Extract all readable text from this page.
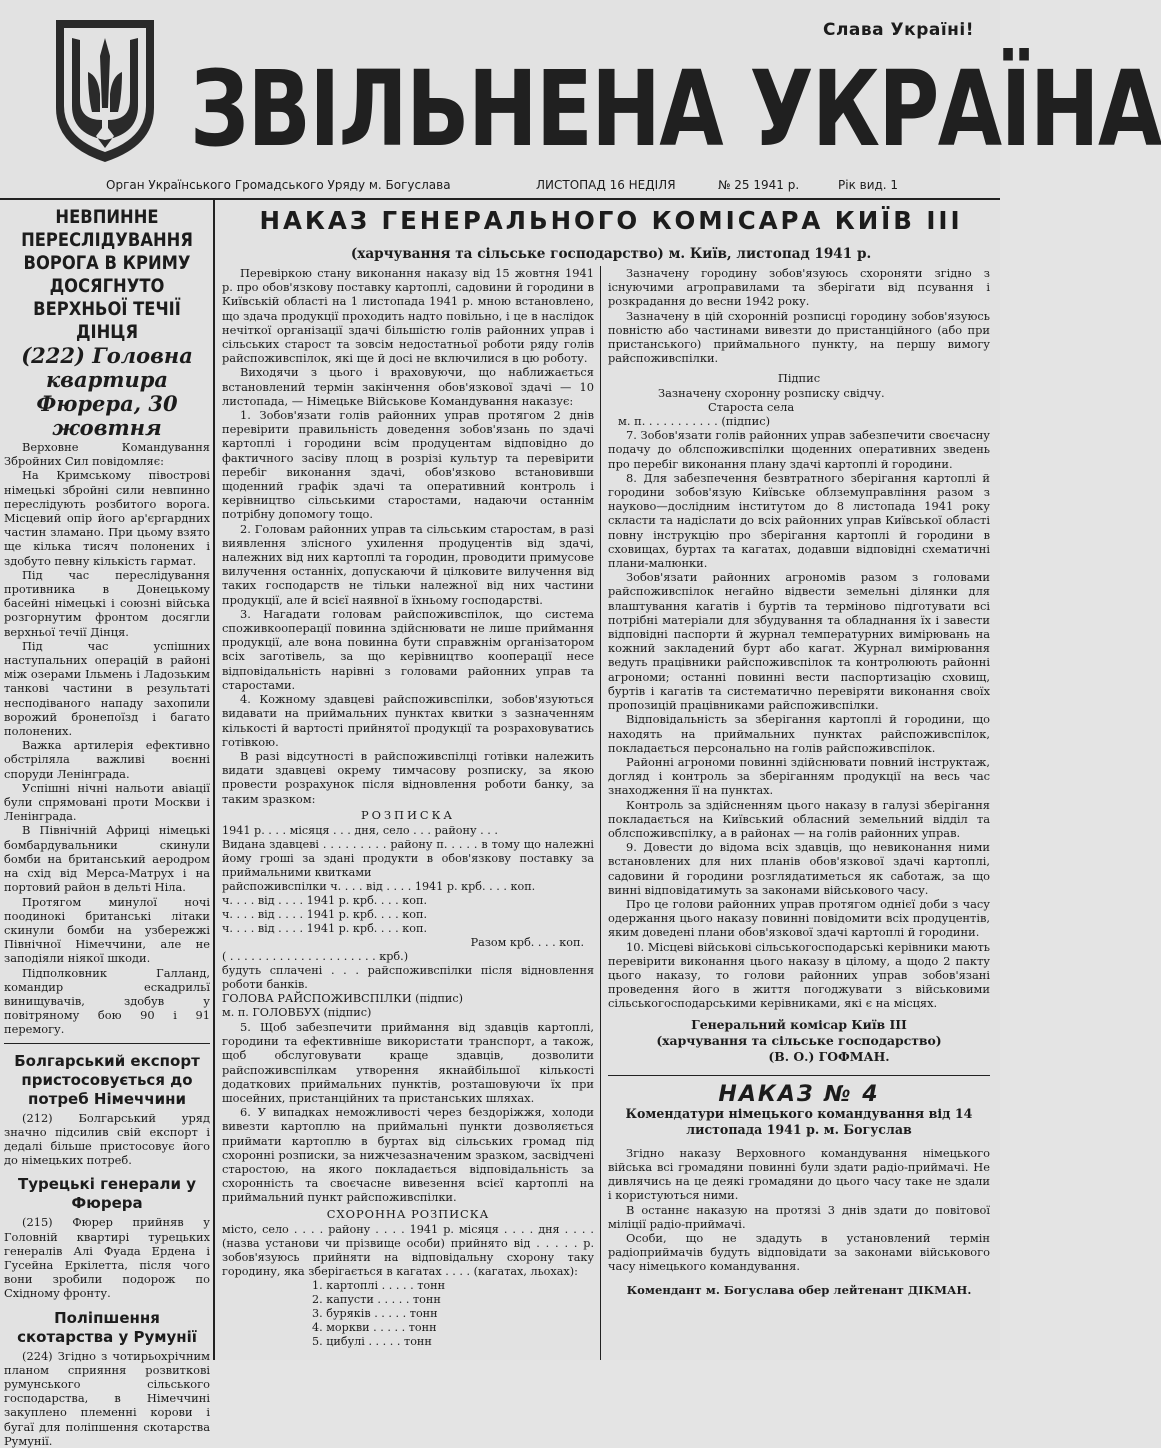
Слава Україні!
ЗВІЛЬНЕНА УКРАЇНА
Орган Українського Громадського Уряду м. Богуслава	ЛИСТОПАД 16 НЕДІЛЯ	№ 25 1941 р.	Рік вид. 1
НЕВПИННЕ ПЕРЕСЛІДУВАННЯ ВОРОГА В КРИМУ ДОСЯГНУТО ВЕРХНЬОЇ ТЕЧІЇ ДІНЦЯ
(222) Головна квартира Фюрера, 30 жовтня

Верховне Командування Збройних Сил повідомляє:

На Кримському півострові німецькі збройні сили невпинно переслідують розбитого ворога. Місцевий опір його ар'єргардних частин зламано. При цьому взято ще кілька тисяч полонених і здобуто певну кількість гармат.

Під час переслідування противника в Донецькому басейні німецькі і союзні війська розгорнутим фронтом досягли верхньої течії Дінця.

Під час успішних наступальних операцій в районі між озерами Ільмень і Ладозьким танкові частини в результаті несподіваного нападу захопили ворожий бронепоїзд і багато полонених.

Важка артилерія ефективно обстріляла важливі воєнні споруди Ленінграда.

Успішні нічні нальоти авіації були спрямовані проти Москви і Ленінграда.

В Північній Африці німецькі бомбардувальники скинули бомби на британський аеродром на схід від Мерса-Матрух і на портовий район в дельті Ніла.

Протягом минулої ночі поодинокі британські літаки скинули бомби на узбережжі Північної Німеччини, але не заподіяли ніякої шкоди.

Підполковник Галланд, командир ескадрильї винищувачів, здобув у повітряному бою 90 і 91 перемогу.

Болгарський експорт пристосовується до потреб Німеччини

(212) Болгарський уряд значно підсилив свій експорт і дедалі більше пристосовує його до німецьких потреб.

Турецькі генерали у Фюрера

(215) Фюрер прийняв у Головній квартирі турецьких генералів Алі Фуада Ердена і Гусейна Еркілетта, після чого вони зробили подорож по Східному фронту.

Поліпшення скотарства у Румунії

(224) Згідно з чотирьохрічним планом сприяння розвиткові румунського сільського господарства, в Німеччині закуплено племенні корови і бугаї для поліпшення скотарства Румунії.

НАКАЗ ГЕНЕРАЛЬНОГО КОМІСАРА КИЇВ III
(харчування та сільське господарство) м. Київ, листопад 1941 р.

Перевіркою стану виконання наказу від 15 жовтня 1941 р. про обов'язкову поставку картоплі, садовини й городини в Київській області на 1 листопада 1941 р. мною встановлено, що здача продукції проходить надто повільно, і це в наслідок нечіткої організації здачі більшістю голів районних управ і сільських старост та зовсім недостатньої роботи ряду голів райспоживспілок, які ще й досі не включилися в цю роботу.

Виходячи з цього і враховуючи, що наближається встановлений термін закінчення обов'язкової здачі — 10 листопада, — Німецьке Військове Командування наказує:

1. Зобов'язати голів районних управ протягом 2 днів перевірити правильність доведення зобов'язань по здачі картоплі і городини всім продуцентам відповідно до фактичного засіву площ в розрізі культур та перевірити перебіг виконання здачі, обов'язково встановивши щоденний графік здачі та оперативний контроль і керівництво сільськими старостами, надаючи останнім потрібну допомогу тощо.

2. Головам районних управ та сільським старостам, в разі виявлення злісного ухилення продуцентів від здачі, належних від них картоплі та городин, проводити примусове вилучення останніх, допускаючи й цілковите вилучення від таких господарств не тільки належної від них частини продукції, але й всієї наявної в їхньому господарстві.

3. Нагадати головам райспоживспілок, що система споживкооперації повинна здійснювати не лише приймання продукції, але вона повинна бути справжнім організатором всіх заготівель, за що керівництво кооперації несе відповідальність нарівні з головами районних управ та старостами.

4. Кожному здавцеві райспоживспілки, зобов'язуються видавати на приймальних пунктах квитки з зазначенням кількості й вартості прийнятої продукції та розраховуватись готівкою.

В разі відсутності в райспоживспілці готівки належить видати здавцеві окрему тимчасову розписку, за якою провести розрахунок після відновлення роботи банку, за таким зразком:

РОЗПИСКА

1941 р. . . . місяця . . . дня, село . . . району . . .

Видана здавцеві . . . . . . . . . району п. . . . . в тому що належні йому гроші за здані продукти в обов'язкову поставку за приймальними квитками

райспоживспілки ч. . . . від . . . . 1941 р. крб. . . . коп.

ч. . . . від . . . . 1941 р. крб. . . . коп.

ч. . . . від . . . . 1941 р. крб. . . . коп.

ч. . . . від . . . . 1941 р. крб. . . . коп.

Разом крб. . . . коп.

( . . . . . . . . . . . . . . . . . . . . . крб.)

будуть сплачені . . . райспоживспілки після відновлення роботи банків.

ГОЛОВА РАЙСПОЖИВСПІЛКИ (підпис)

м. п. ГОЛОВБУХ (підпис)

5. Щоб забезпечити приймання від здавців картоплі, городини та ефективніше використати транспорт, а також, щоб обслуговувати краще здавців, дозволити райспоживспілкам утворення якнайбільшої кількості додаткових приймальних пунктів, розташовуючи їх при шосейних, пристанційних та пристанських шляхах.

6. У випадках неможливості через бездоріжжя, холоди вивезти картоплю на приймальні пункти дозволяється приймати картоплю в буртах від сільських громад під схоронні розписки, за нижчезазначеним зразком, засвідчені старостою, на якого покладається відповідальність за схоронність та своєчасне вивезення всієї картоплі на приймальний пункт райспоживспілки.

СХОРОННА РОЗПИСКА

місто, село . . . . району . . . . 1941 р. місяця . . . . дня . . . . (назва установи чи прізвище особи) прийнято від . . . . . р. зобов'язуюсь прийняти на відповідальну схорону таку городину, яка зберігається в кагатах . . . . (кагатах, льохах):

1. картоплі . . . . . тонн

2. капусти . . . . . тонн

3. буряків . . . . . тонн

4. моркви . . . . . тонн

5. цибулі . . . . . тонн

Зазначену городину зобов'язуюсь схороняти згідно з існуючими агроправилами та зберігати від псування і розкрадання до весни 1942 року.

Зазначену в цій схоронній розписці городину зобов'язуюсь повністю або частинами вивезти до пристанційного (або при пристанського) приймального пункту, на першу вимогу райспоживспілки.

Підпис
Зазначену схоронну розписку свідчу.
Староста села
м. п. . . . . . . . . . . (підпис)

7. Зобов'язати голів районних управ забезпечити своєчасну подачу до облспоживспілки щоденних оперативних зведень про перебіг виконання плану здачі картоплі й городини.

8. Для забезпечення безвтратного зберігання картоплі й городини зобов'язую Київське облземуправління разом з науково—дослідним інститутом до 8 листопада 1941 року скласти та надіслати до всіх районних управ Київської області повну інструкцію про зберігання картоплі й городини в сховищах, буртах та кагатах, додавши відповідні схематичні плани-малюнки.

Зобов'язати районних агрономів разом з головами райспоживспілок негайно відвести земельні ділянки для влаштування кагатів і буртів та терміново підготувати всі потрібні матеріали для збудування та обладнання їх і завести відповідні паспорти й журнал температурних вимірювань на кожний закладений бурт або кагат. Журнал вимірювання ведуть працівники райспоживспілок та контролюють районні агрономи; останні повинні вести паспортизацію сховищ, буртів і кагатів та систематично перевіряти виконання своїх пропозицій працівниками райспоживспілки.

Відповідальність за зберігання картоплі й городини, що находять на приймальних пунктах райспоживспілок, покладається персонально на голів райспоживспілок.

Районні агрономи повинні здійснювати повний інструктаж, догляд і контроль за зберіганням продукції на весь час знаходження її на пунктах.

Контроль за здійсненням цього наказу в галузі зберігання покладається на Київський обласний земельний відділ та облспоживспілку, а в районах — на голів районних управ.

9. Довести до відома всіх здавців, що невиконання ними встановлених для них планів обов'язкової здачі картоплі, садовини й городини розглядатиметься як саботаж, за що винні відповідатимуть за законами військового часу.

Про це голови районних управ протягом однієї доби з часу одержання цього наказу повинні повідомити всіх продуцентів, яким доведені плани обов'язкової здачі картоплі й городини.

10. Місцеві військові сільськогосподарські керівники мають перевірити виконання цього наказу в цілому, а щодо 2 пакту цього наказу, то голови районних управ зобов'язані проведення його в життя погоджувати з військовими сільськогосподарськими керівниками, які є на місцях.

Генеральний комісар Київ III
(харчування та сільське господарство)
(В. О.) ГОФМАН.
НАКАЗ № 4
Комендатури німецького командування від 14 листопада 1941 р. м. Богуслав

Згідно наказу Верховного командування німецького війська всі громадяни повинні були здати радіо-приймачі. Не дивлячись на це деякі громадяни до цього часу таке не здали і користуються ними.

В останнє наказую на протязі 3 днів здати до повітової міліції радіо-приймачі.

Особи, що не здадуть в установлений термін радіоприймачів будуть відповідати за законами військового часу німецького командування.

Комендант м. Богуслава обер лейтенант ДІКМАН.
